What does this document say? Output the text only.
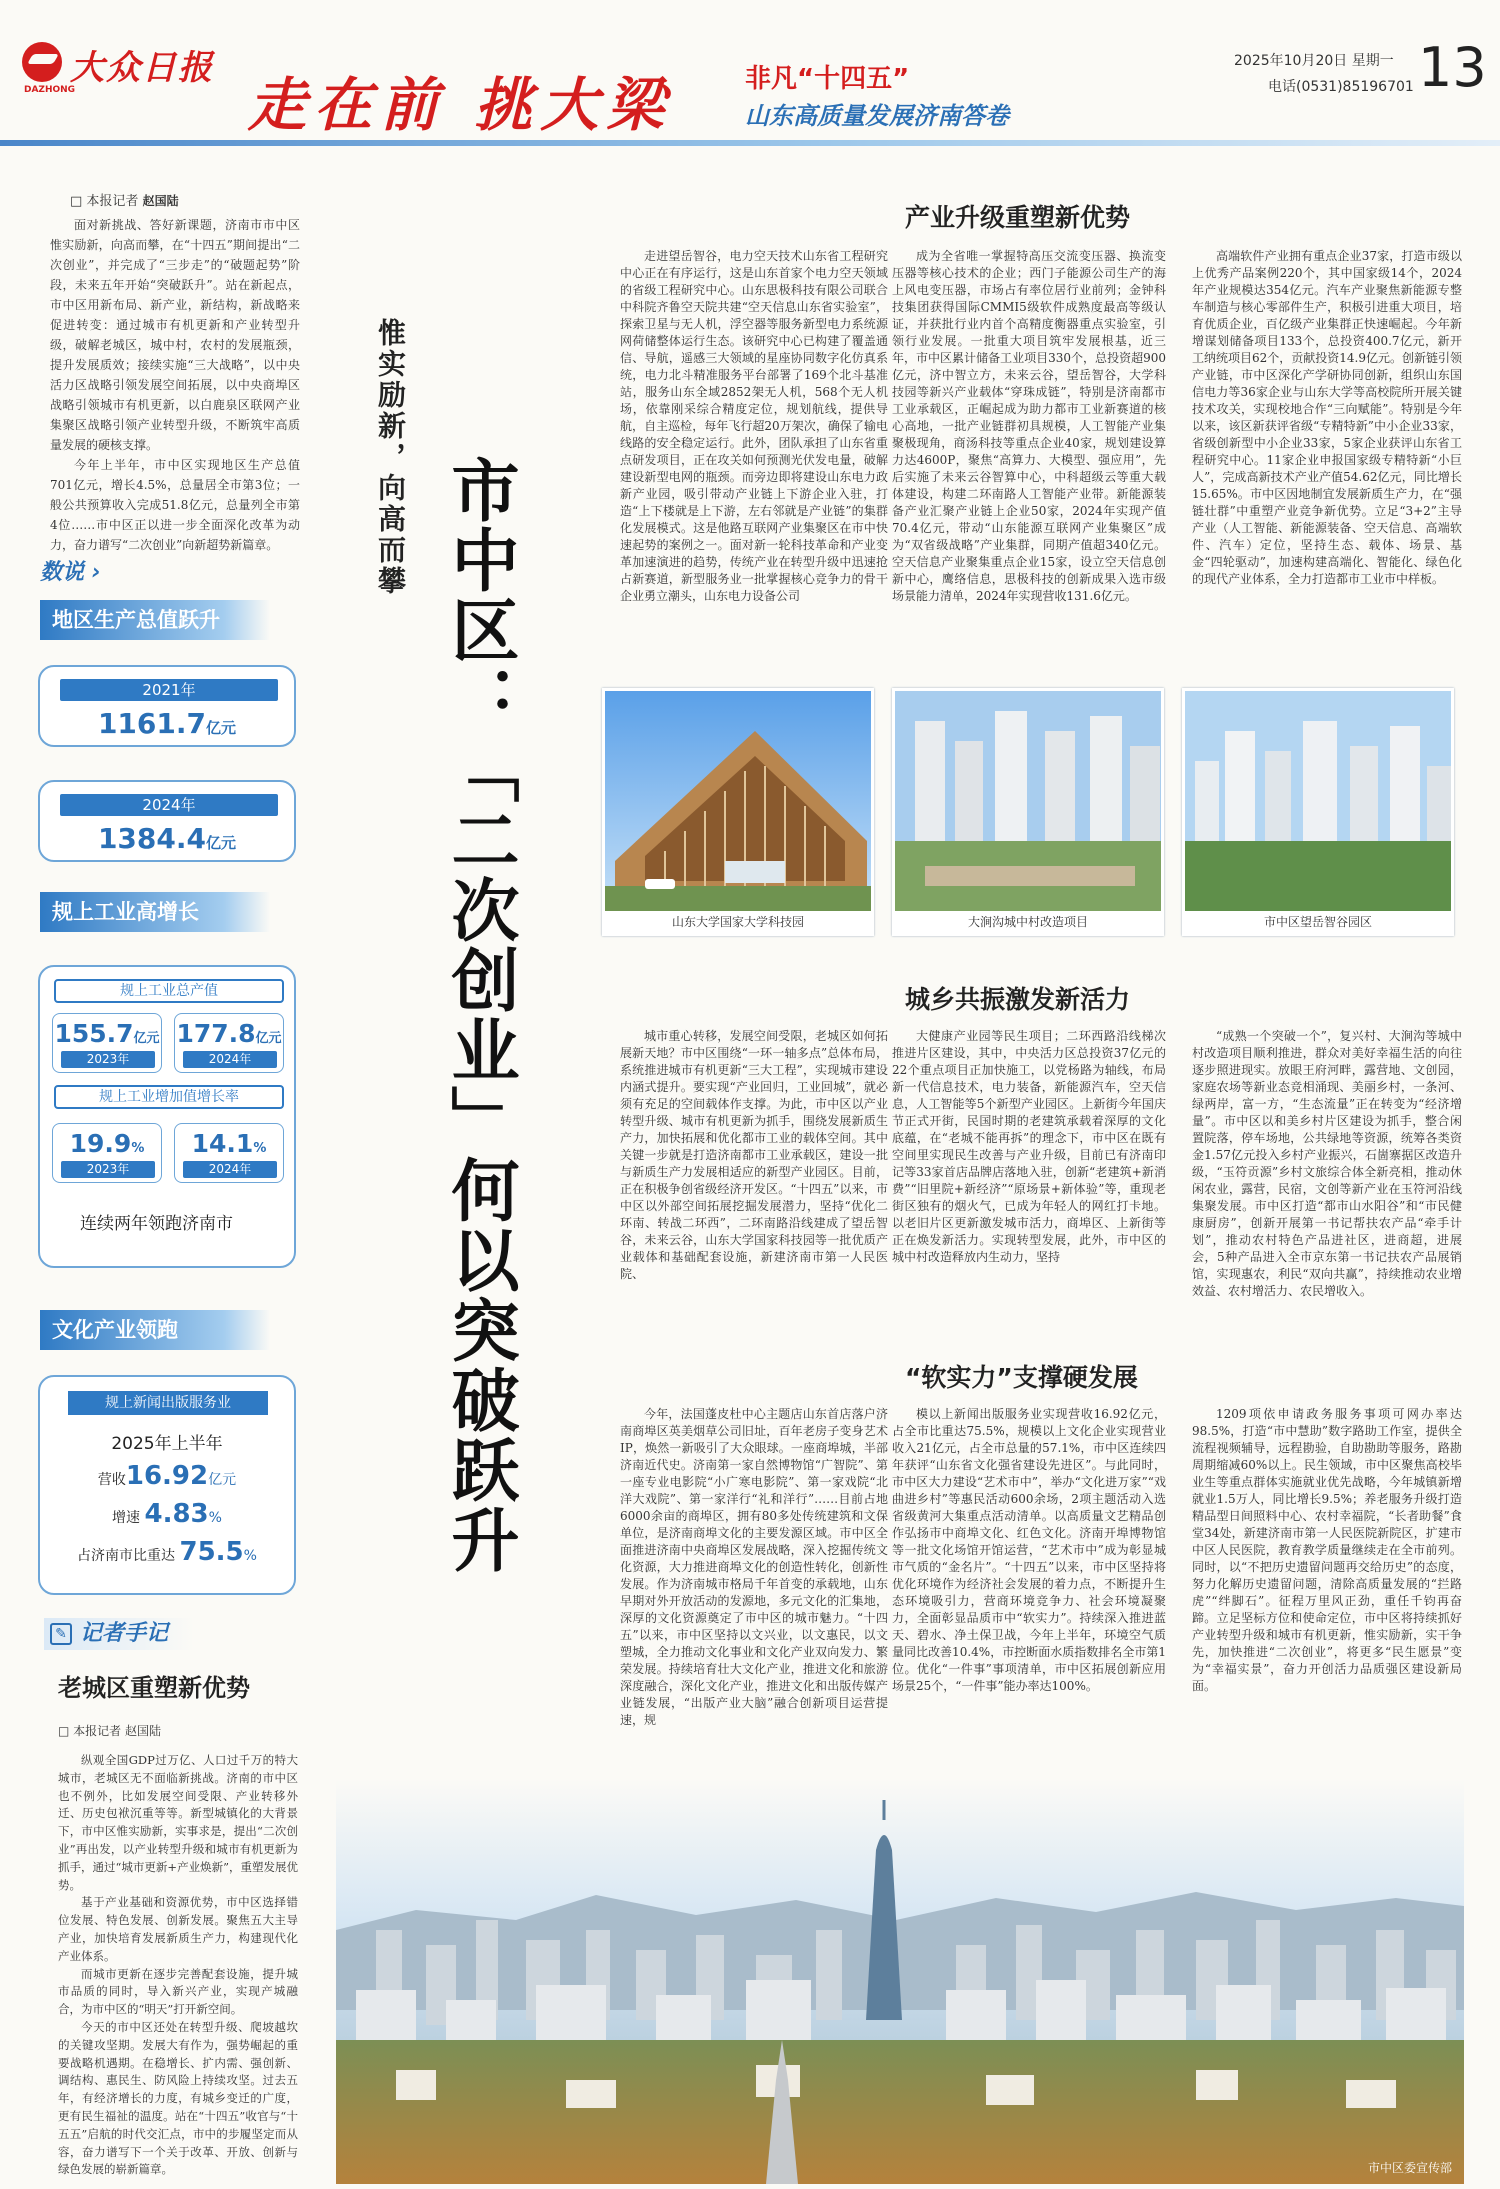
大众日报
DAZHONG	走在前 挑大梁	非凡“十四五”
山东高质量发展济南答卷
2025年10月20日 星期一
电话(0531)85196701 13
□ 本报记者 赵国陆

面对新挑战、答好新课题，济南市市中区惟实励新，向高而攀，在“十四五”期间提出“二次创业”，并完成了“三步走”的“破题起势”阶段，未来五年开始“突破跃升”。站在新起点，市中区用新布局、新产业，新结构，新战略来促进转变：通过城市有机更新和产业转型升级，破解老城区，城中村，农村的发展瓶颈，提升发展质效；接续实施“三大战略”，以中央活力区战略引领发展空间拓展，以中央商埠区战略引领城市有机更新，以白鹿泉区联网产业集聚区战略引领产业转型升级，不断筑牢高质量发展的硬核支撑。

今年上半年，市中区实现地区生产总值701亿元，增长4.5%，总量居全市第3位；一般公共预算收入完成51.8亿元，总量列全市第4位……市中区正以进一步全面深化改革为动力，奋力谱写“二次创业”向新超势新篇章。

数说 ›
地区生产总值跃升
2021年
1161.7亿元
2024年
1384.4亿元
规上工业高增长
规上工业总产值
155.7亿元
2023年
177.8亿元
2024年
规上工业增加值增长率
19.9%
2023年
14.1%
2024年
连续两年领跑济南市
文化产业领跑
规上新闻出版服务业
2025年上半年
营收16.92亿元
增速 4.83%
占济南市比重达 75.5%
✎ 记者手记
老城区重塑新优势
□ 本报记者 赵国陆

纵观全国GDP过万亿、人口过千万的特大城市，老城区无不面临新挑战。济南的市中区也不例外，比如发展空间受限、产业转移外迁、历史包袱沉重等等。新型城镇化的大背景下，市中区惟实励新，实事求是，提出“二次创业”再出发，以产业转型升级和城市有机更新为抓手，通过“城市更新+产业焕新”，重塑发展优势。

基于产业基础和资源优势，市中区选择错位发展、特色发展、创新发展。聚焦五大主导产业，加快培育发展新质生产力，构建现代化产业体系。

而城市更新在逐步完善配套设施，提升城市品质的同时，导入新兴产业，实现产城融合，为市中区的“明天”打开新空间。

今天的市中区还处在转型升级、爬坡越坎的关键攻坚期。发展大有作为，强势崛起的重要战略机遇期。在稳增长、扩内需、强创新、调结构、惠民生、防风险上持续攻坚。过去五年，有经济增长的力度，有城乡变迁的广度，更有民生福祉的温度。站在“十四五”收官与“十五五”启航的时代交汇点，市中的步履坚定而从容，奋力谱写下一个关于改革、开放、创新与绿色发展的崭新篇章。

惟实励新，向高而攀 市中区：「二次创业」何以突破跃升
产业升级重塑新优势

走进望岳智谷，电力空天技术山东省工程研究中心正在有序运行，这是山东首家个电力空天领域的省级工程研究中心。山东思极科技有限公司联合中科院齐鲁空天院共建“空天信息山东省实验室”，探索卫星与无人机，浮空器等服务新型电力系统源网荷储整体运行生态。该研究中心已构建了覆盖通信、导航，遥感三大领域的星座协同数字化仿真系统，电力北斗精准服务平台部署了169个北斗基准站，服务山东全域2852架无人机，568个无人机场，依靠刚采综合精度定位，规划航线，提供导航，自主巡检，每年飞行超20万架次，确保了输电线路的安全稳定运行。此外，团队承担了山东省重点研发项目，正在攻关如何预测光伏发电量，破解建设新型电网的瓶颈。而旁边即将建设山东电力政新产业园，吸引带动产业链上下游企业入驻，打造“上下楼就是上下游，左右邻就是产业链”的集群化发展模式。这是他路互联网产业集聚区在市中快速起势的案例之一。面对新一轮科技革命和产业变革加速演进的趋势，传统产业在转型升级中迅速抢占新赛道，新型服务业一批掌握核心竞争力的骨干企业勇立潮头，山东电力设备公司

成为全省唯一掌握特高压交流变压器、换流变压器等核心技术的企业；西门子能源公司生产的海上风电变压器，市场占有率位居行业前列；金钟科技集团获得国际CMMI5级软件成熟度最高等级认证，并获批行业内首个高精度衡器重点实验室，引领行业发展。一批重大项目筑牢发展根基，近三年，市中区累计储备工业项目330个，总投资超900亿元，济中智立方，未来云谷，望岳智谷，大学科技园等新兴产业载体“穿珠成链”，特别是济南都市工业承载区，正崛起成为助力都市工业新赛道的核心高地，一批产业链群初具规模，人工智能产业集聚极现角，商汤科技等重点企业40家，规划建设算力达4600P，聚焦“高算力、大模型、强应用”，先后实施了未来云谷智算中心，中科超级云等重大载体建设，构建二环南路人工智能产业带。新能源装备产业汇聚产业链上企业50家，2024年实现产值70.4亿元，带动“山东能源互联网产业集聚区”成为“双省级战略”产业集群，同期产值超340亿元。空天信息产业聚集重点企业15家，设立空天信息创新中心，鹰络信息，思极科技的创新成果入选市级场景能力清单，2024年实现营收131.6亿元。

高端软件产业拥有重点企业37家，打造市级以上优秀产品案例220个，其中国家级14个，2024年产业规模达354亿元。汽车产业聚焦新能源专整车制造与核心零部件生产，积极引进重大项目，培育优质企业，百亿级产业集群正快速崛起。今年新增谋划储备项目133个，总投资400.7亿元，新开工纳统项目62个，贡献投资14.9亿元。创新链引领产业链，市中区深化产学研协同创新，组织山东国信电力等36家企业与山东大学等高校院所开展关键技术攻关，实现校地合作“三向赋能”。特别是今年以来，该区新获评省级“专精特新”中小企业33家，省级创新型中小企业33家，5家企业获评山东省工程研究中心。11家企业申报国家级专精特新“小巨人”，完成高新技术产业产值54.62亿元，同比增长15.65%。市中区因地制宜发展新质生产力，在“强链壮群”中重塑产业竞争新优势。立足“3+2”主导产业（人工智能、新能源装备、空天信息、高端软件、汽车）定位，坚持生态、载体、场景、基金“四轮驱动”，加速构建高端化、智能化、绿色化的现代产业体系，全力打造都市工业市中样板。

山东大学国家大学科技园	大涧沟城中村改造项目	市中区望岳智谷园区
城乡共振激发新活力

城市重心转移，发展空间受限，老城区如何拓展新天地？市中区围绕“一环一轴多点”总体布局，系统推进城市有机更新“三大工程”，实现城市建设内涵式提升。要实现“产业回归，工业回城”，就必须有充足的空间载体作支撑。为此，市中区以产业转型升级、城市有机更新为抓手，围绕发展新质生产力，加快拓展和优化都市工业的载体空间。其中关键一步就是打造济南都市工业承载区，建设一批与新质生产力发展相适应的新型产业园区。目前，正在积极争创省级经济开发区。“十四五”以来，市中区以外部空间拓展挖掘发展潜力，坚持“优化二环南、转战二环西”，二环南路沿线建成了望岳智谷，未来云谷，山东大学国家科技园等一批优质产业载体和基础配套设施，新建济南市第一人民医院、

大健康产业园等民生项目；二环西路沿线梯次推进片区建设，其中，中央活力区总投资37亿元的22个重点项目正加快施工，以党杨路为轴线，布局新一代信息技术，电力装备，新能源汽车，空天信息，人工智能等5个新型产业园区。上新街今年国庆节正式开街，民国时期的老建筑承载着深厚的文化底蕴，在“老城不能再拆”的理念下，市中区在既有空间里实现民生改善与产业升级，目前已有济南印记等33家首店品牌店落地入驻，创新“老建筑+新消费”“旧里院+新经济”“原场景+新体验”等，重现老街区独有的烟火气，已成为年轻人的网红打卡地。以老旧片区更新激发城市活力，商埠区、上新街等正在焕发新活力。实现转型发展，此外，市中区的城中村改造释放内生动力，坚持

“成熟一个突破一个”，复兴村、大涧沟等城中村改造项目顺利推进，群众对美好幸福生活的向往逐步照进现实。放眼王府河畔，露营地、文创园，家庭农场等新业态竞相涌现、美丽乡村，一条河、绿两岸，富一方，“生态流量”正在转变为“经济增量”。市中区以和美乡村片区建设为抓手，整合闲置院落，停车场地，公共绿地等资源，统筹各类资金1.57亿元投入乡村产业振兴，石崮寨据区改造升级，“玉符贡源”乡村文旅综合体全新亮相，推动休闲农业，露营，民宿，文创等新产业在玉符河沿线集聚发展。市中区打造“都市山水阳谷”和“市民健康厨房”，创新开展第一书记帮扶农产品“牵手计划”，推动农村特色产品进社区，进商超，进展会，5种产品进入全市京东第一书记扶农产品展销馆，实现惠农，利民“双向共赢”，持续推动农业增效益、农村增活力、农民增收入。

“软实力”支撑硬发展

今年，法国蓬皮杜中心主题店山东首店落户济南商埠区英美烟草公司旧址，百年老房子变身艺术IP，焕然一新吸引了大众眼球。一座商埠城，半部济南近代史。济南第一家自然博物馆“广智院”、第一座专业电影院“小广寒电影院”、第一家戏院“北洋大戏院”、第一家洋行“礼和洋行”……目前占地6000余亩的商埠区，拥有80多处传统建筑和文保单位，是济南商埠文化的主要发源区域。市中区全面推进济南中央商埠区发展战略，深入挖掘传统文化资源，大力推进商埠文化的创造性转化，创新性发展。作为济南城市格局千年首变的承载地，山东早期对外开放活动的发源地，多元文化的汇集地，深厚的文化资源奠定了市中区的城市魅力。“十四五”以来，市中区坚持以文兴业，以文惠民，以文塑城，全力推动文化事业和文化产业双向发力、繁荣发展。持续培育壮大文化产业，推进文化和旅游深度融合，深化文化产业，推进文化和出版传媒产业链发展，“出版产业大脑”融合创新项目运营提速，规

模以上新闻出版服务业实现营收16.92亿元，占全市比重达75.5%，规模以上文化企业实现营业收入21亿元，占全市总量的57.1%，市中区连续四年获评“山东省文化强省建设先进区”。与此同时，市中区大力建设“艺术市中”，举办“文化进万家”“戏曲进乡村”等惠民活动600余场，2项主题活动入选省级黄河大集重点活动清单。以高质量文艺精品创作弘扬市中商埠文化、红色文化。济南开埠博物馆等一批文化场馆开馆运营，“艺术市中”成为彰显城市气质的“金名片”。“十四五”以来，市中区坚持将优化环境作为经济社会发展的着力点，不断提升生态环境吸引力，营商环境竞争力、社会环境凝聚力，全面彰显品质市中“软实力”。持续深入推进蓝天、碧水、净土保卫战，今年上半年，环境空气质量同比改善10.4%，市控断面水质指数排名全市第1位。优化“一件事”事项清单，市中区拓展创新应用场景25个，“一件事”能办率达100%。

1209项依申请政务服务事项可网办率达98.5%，打造“市中慧助”数字路助工作室，提供全流程视频辅导，远程勘验，自助勘助等服务，路勘周期缩减60%以上。民生领域，市中区聚焦高校毕业生等重点群体实施就业优先战略，今年城镇新增就业1.5万人，同比增长9.5%；养老服务升级打造精品型日间照料中心、农村幸福院，“长者助餐”食堂34处，新建济南市第一人民医院新院区，扩建市中区人民医院，教育教学质量继续走在全市前列。同时，以“不把历史遗留问题再交给历史”的态度，努力化解历史遗留问题，清除高质量发展的“拦路虎”“绊脚石”。征程万里风正劲，重任千钧再奋蹄。立足坚标方位和使命定位，市中区将持续抓好产业转型升级和城市有机更新，惟实励新，实干争先，加快推进“二次创业”，将更多“民生愿景”变为“幸福实景”，奋力开创活力品质强区建设新局面。

市中区委宣传部
